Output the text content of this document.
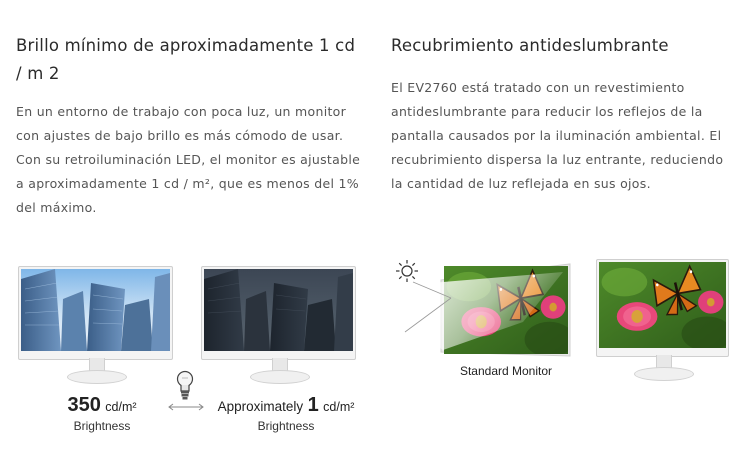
Brillo mínimo de aproximadamente 1 cd / m 2

En un entorno de trabajo con poca luz, un monitor con ajustes de bajo brillo es más cómodo de usar. Con su retroiluminación LED, el monitor es ajustable a aproximadamente 1 cd / m², que es menos del 1% del máximo.

350 cd/m²
Brightness
Approximately 1 cd/m²
Brightness
Recubrimiento antideslumbrante

El EV2760 está tratado con un revestimiento antideslumbrante para reducir los reflejos de la pantalla causados por la iluminación ambiental. El recubrimiento dispersa la luz entrante, reduciendo la cantidad de luz reflejada en sus ojos.

Standard Monitor
